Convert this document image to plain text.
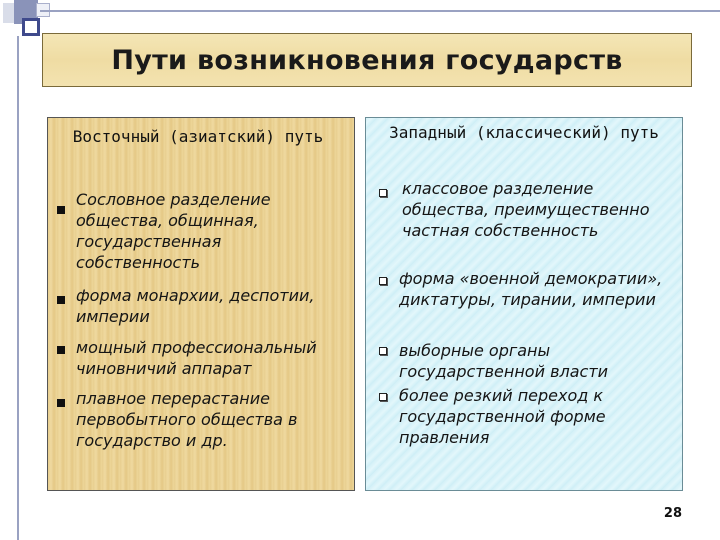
Пути возникновения государств
Восточный (азиатский) путь
Сословное разделение общества, общинная, государственная собственность
форма монархии, деспотии, империи
мощный профессиональный чиновничий аппарат
плавное перерастание первобытного общества в государство и др.
Западный (классический) путь
классовое разделение общества, преимущественно частная собственность
форма «военной демократии», диктатуры, тирании, империи
выборные органы государственной власти
более резкий переход к государственной форме правления
28
